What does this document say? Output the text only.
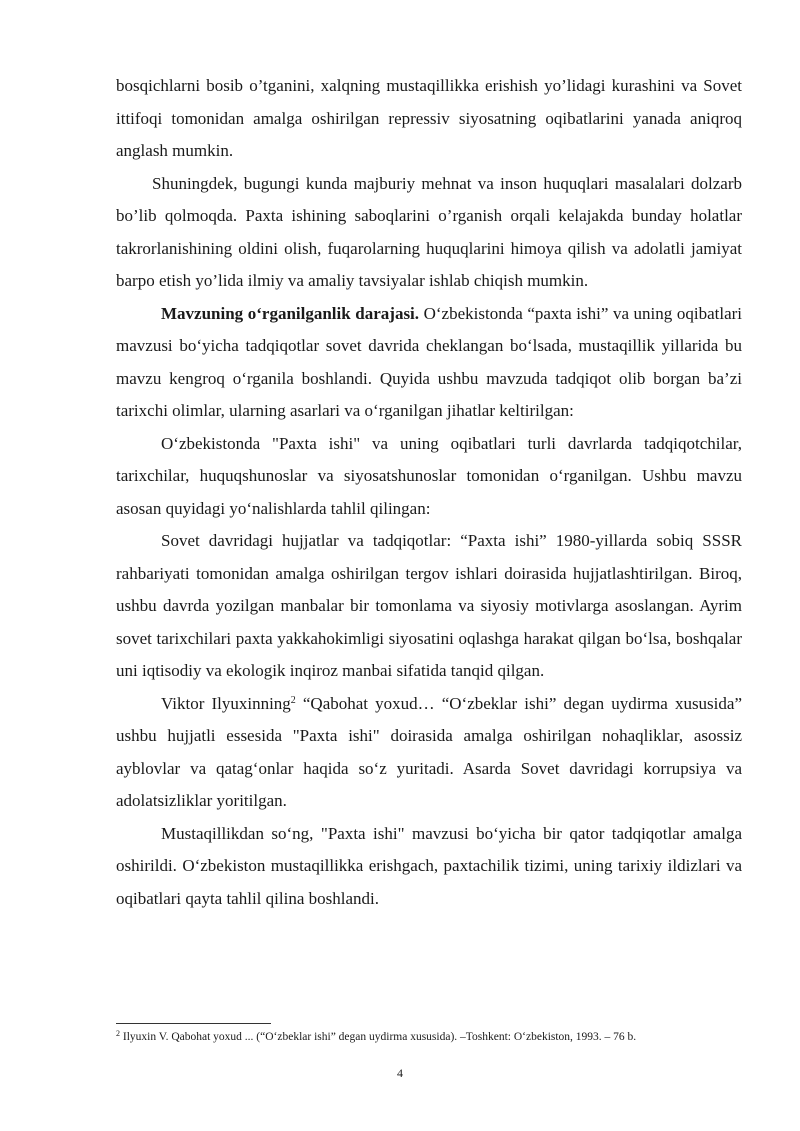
bosqichlarni bosib o’tganini, xalqning mustaqillikka erishish yo’lidagi kurashini va Sovet ittifoqi tomonidan amalga oshirilgan repressiv siyosatning oqibatlarini yanada aniqroq anglash mumkin.

Shuningdek, bugungi kunda majburiy mehnat va inson huquqlari masalalari dolzarb bo’lib qolmoqda. Paxta ishining saboqlarini o’rganish orqali kelajakda bunday holatlar takrorlanishining oldini olish, fuqarolarning huquqlarini himoya qilish va adolatli jamiyat barpo etish yo’lida ilmiy va amaliy tavsiyalar ishlab chiqish mumkin.

Mavzuning o‘rganilganlik darajasi. O‘zbekistonda “paxta ishi” va uning oqibatlari mavzusi bo‘yicha tadqiqotlar sovet davrida cheklangan bo‘lsada, mustaqillik yillarida bu mavzu kengroq o‘rganila boshlandi. Quyida ushbu mavzuda tadqiqot olib borgan ba’zi tarixchi olimlar, ularning asarlari va o‘rganilgan jihatlar keltirilgan:

O‘zbekistonda "Paxta ishi" va uning oqibatlari turli davrlarda tadqiqotchilar, tarixchilar, huquqshunoslar va siyosatshunoslar tomonidan o‘rganilgan. Ushbu mavzu asosan quyidagi yo‘nalishlarda tahlil qilingan:

Sovet davridagi hujjatlar va tadqiqotlar: “Paxta ishi” 1980-yillarda sobiq SSSR rahbariyati tomonidan amalga oshirilgan tergov ishlari doirasida hujjatlashtirilgan. Biroq, ushbu davrda yozilgan manbalar bir tomonlama va siyosiy motivlarga asoslangan. Ayrim sovet tarixchilari paxta yakkahokimligi siyosatini oqlashga harakat qilgan bo‘lsa, boshqalar uni iqtisodiy va ekologik inqiroz manbai sifatida tanqid qilgan.

Viktor Ilyuxinning$^2$ “Qabohat yoxud… “O‘zbeklar ishi” degan uydirma xususida” ushbu hujjatli essesida "Paxta ishi" doirasida amalga oshirilgan nohaqliklar, asossiz ayblovlar va qatag‘onlar haqida so‘z yuritadi. Asarda Sovet davridagi korrupsiya va adolatsizliklar yoritilgan.

Mustaqillikdan so‘ng, "Paxta ishi" mavzusi bo‘yicha bir qator tadqiqotlar amalga oshirildi. O‘zbekiston mustaqillikka erishgach, paxtachilik tizimi, uning tarixiy ildizlari va oqibatlari qayta tahlil qilina boshlandi.

$^2$ Ilyuxin V. Qabohat yoxud ... (“O‘zbeklar ishi” degan uydirma xususida). –Toshkent: O‘zbekiston, 1993. – 76 b.
4
